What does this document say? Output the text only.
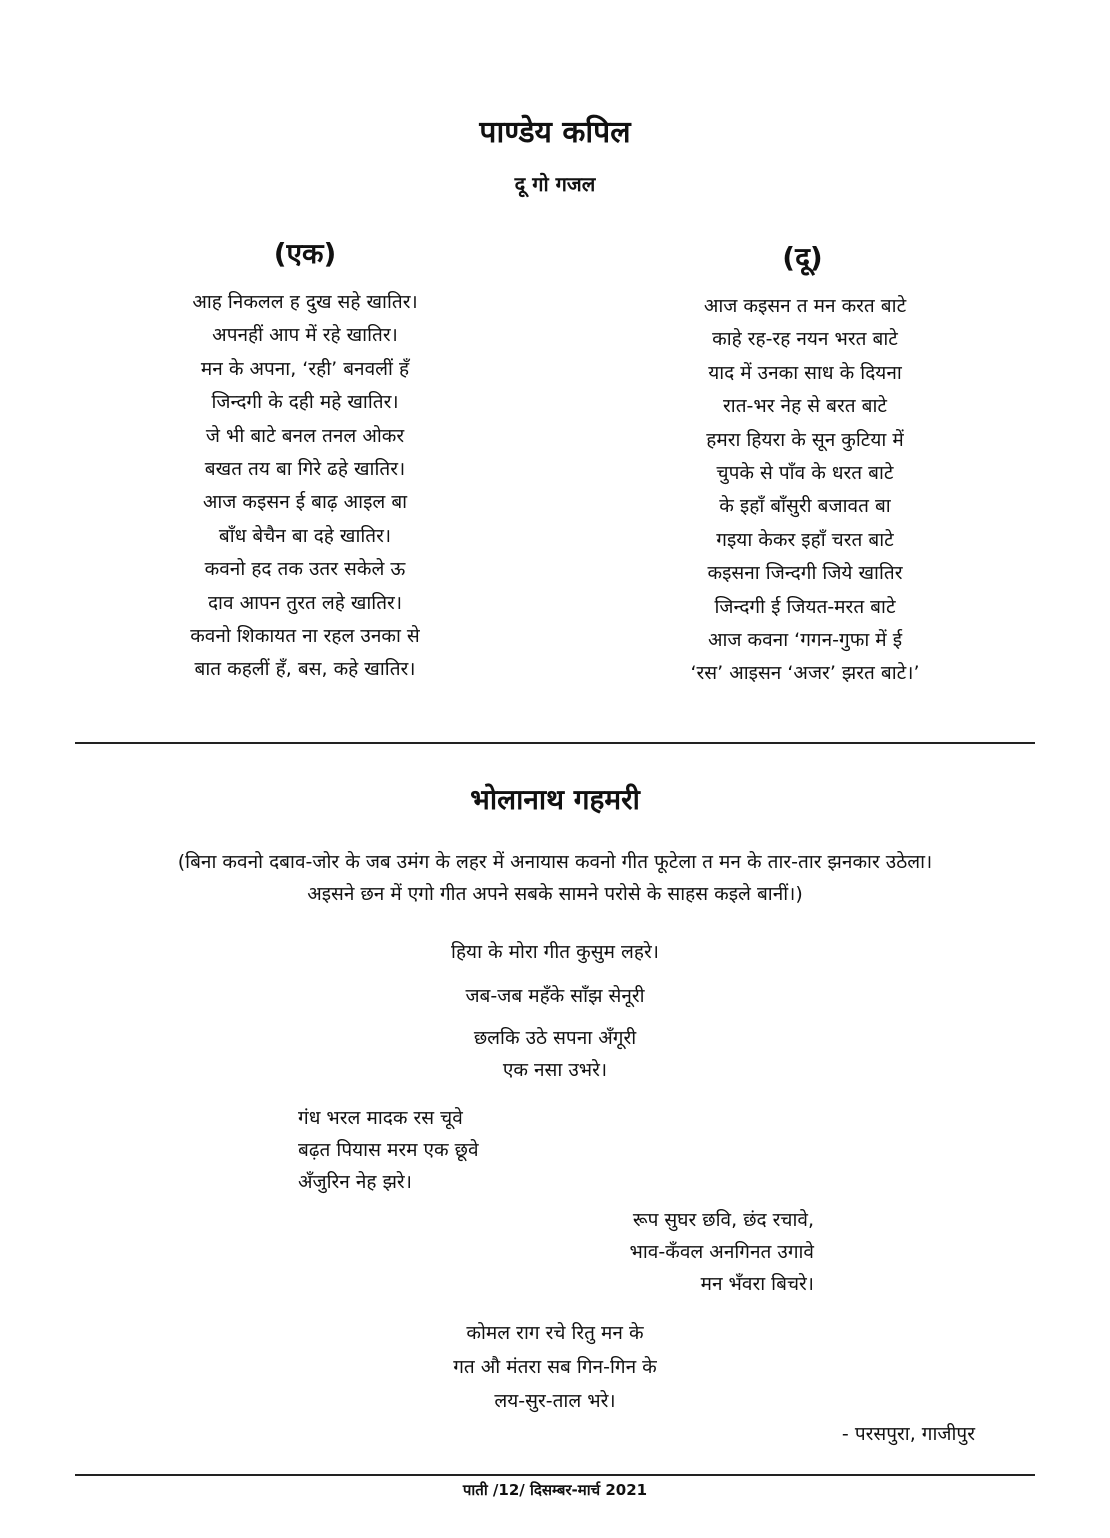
पाण्डेय कपिल
दू गो गजल
(एक)	(दू)
आह निकलल ह दुख सहे खातिर।
अपनहीं आप में रहे खातिर।
मन के अपना, ‘रही’ बनवलीं हँ
जिन्दगी के दही महे खातिर।
जे भी बाटे बनल तनल ओकर
बखत तय बा गिरे ढहे खातिर।
आज कइसन ई बाढ़ आइल बा
बाँध बेचैन बा दहे खातिर।
कवनो हद तक उतर सकेले ऊ
दाव आपन तुरत लहे खातिर।
कवनो शिकायत ना रहल उनका से
बात कहलीं हँ, बस, कहे खातिर।
आज कइसन त मन करत बाटे
काहे रह-रह नयन भरत बाटे
याद में उनका साध के दियना
रात-भर नेह से बरत बाटे
हमरा हियरा के सून कुटिया में
चुपके से पाँव के धरत बाटे
के इहाँ बाँसुरी बजावत बा
गइया केकर इहाँ चरत बाटे
कइसना जिन्दगी जिये खातिर
जिन्दगी ई जियत-मरत बाटे
आज कवना ‘गगन-गुफा में ई
‘रस’ आइसन ‘अजर’ झरत बाटे।’
भोलानाथ गहमरी
(बिना कवनो दबाव-जोर के जब उमंग के लहर में अनायास कवनो गीत फूटेला त मन के तार-तार झनकार उठेला।
अइसने छन में एगो गीत अपने सबके सामने परोसे के साहस कइले बानीं।)
हिया के मोरा गीत कुसुम लहरे।
जब-जब महँके साँझ सेनूरी
छलकि उठे सपना अँगूरी
एक नसा उभरे।
गंध भरल मादक रस चूवे
बढ़त पियास मरम एक छूवे
अँजुरिन नेह झरे।
रूप सुघर छवि, छंद रचावे,
भाव-कँवल अनगिनत उगावे
मन भँवरा बिचरे।
कोमल राग रचे रितु मन के
गत औ मंतरा सब गिन-गिन के
लय-सुर-ताल भरे।
- परसपुरा, गाजीपुर
पाती /12/ दिसम्बर-मार्च 2021
